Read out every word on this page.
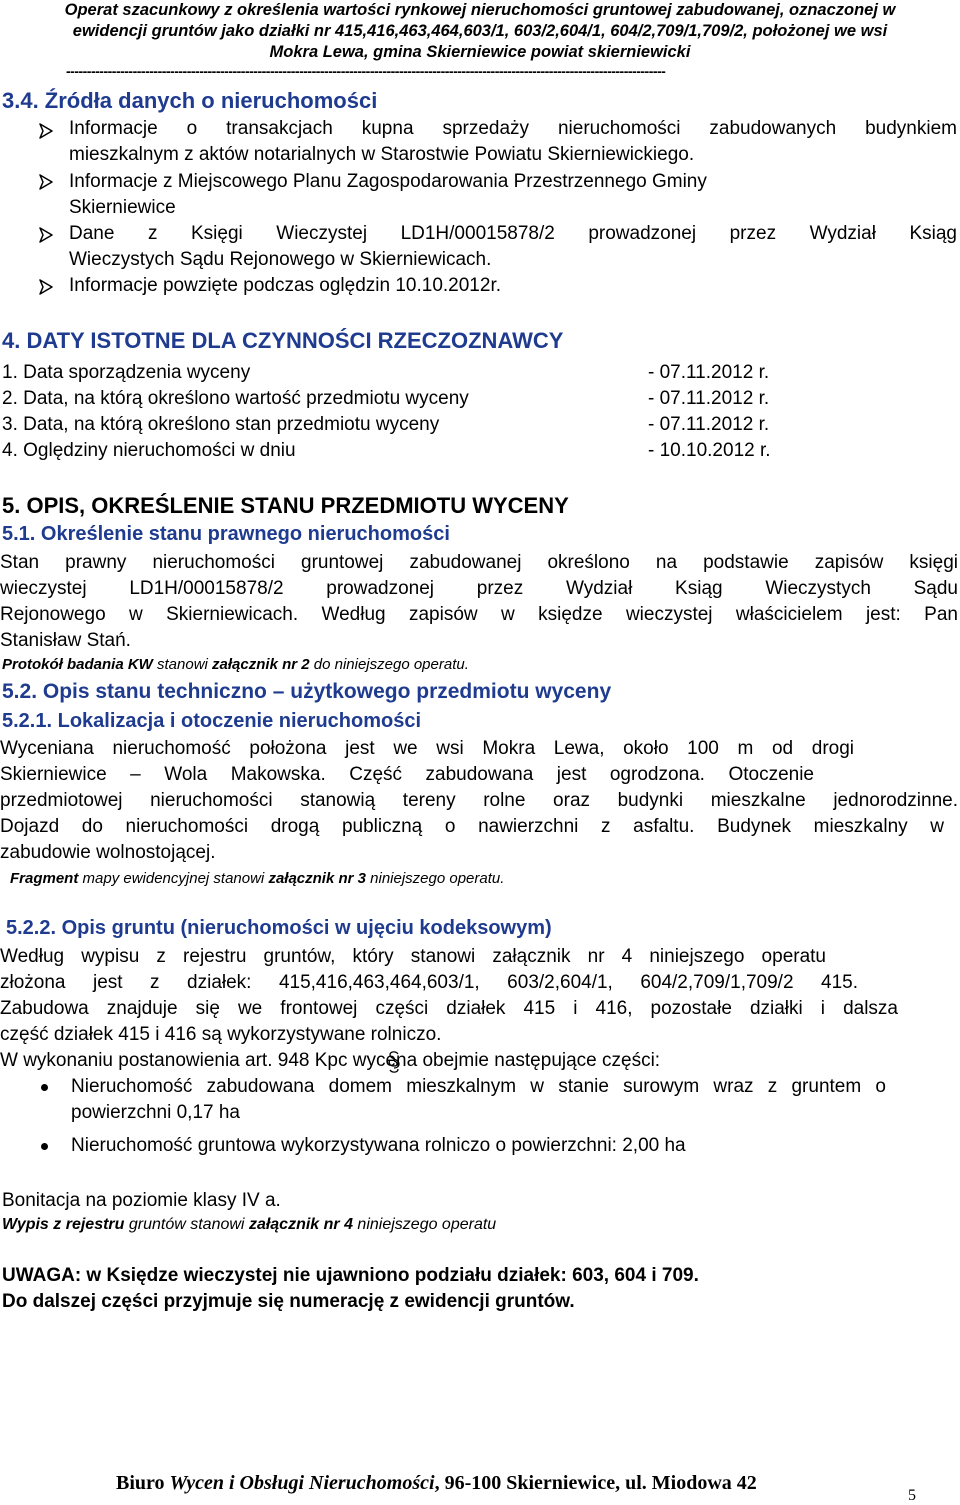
Operat szacunkowy z określenia wartości rynkowej nieruchomości gruntowej zabudowanej, oznaczonej w
ewidencji gruntów jako działki nr 415,416,463,464,603/1, 603/2,604/1, 604/2,709/1,709/2, położonej we wsi
Mokra Lewa, gmina Skierniewice powiat skierniewicki
------------------------------------------------------------------------------------------------------------------------------------------------
3.4. Źródła danych o nieruchomości
Informacje o transakcjach kupna sprzedaży nieruchomości zabudowanych budynkiem
mieszkalnym z aktów notarialnych w Starostwie Powiatu Skierniewickiego.
Informacje z Miejscowego Planu Zagospodarowania Przestrzennego Gminy
Skierniewice
Dane z Księgi Wieczystej LD1H/00015878/2 prowadzonej przez Wydział Ksiąg
Wieczystych Sądu Rejonowego w Skierniewicach.
Informacje powzięte podczas oględzin 10.10.2012r.
4. DATY ISTOTNE DLA CZYNNOŚCI RZECZOZNAWCY
1. Data sporządzenia wyceny	- 07.11.2012 r.
2. Data, na którą określono wartość przedmiotu wyceny	- 07.11.2012 r.
3. Data, na którą określono stan przedmiotu wyceny	- 07.11.2012 r.
4. Oględziny nieruchomości w dniu	- 10.10.2012 r.
5. OPIS, OKREŚLENIE STANU PRZEDMIOTU WYCENY
5.1. Określenie stanu prawnego nieruchomości
Stan prawny nieruchomości gruntowej zabudowanej określono na podstawie zapisów księgi
wieczystej LD1H/00015878/2 prowadzonej przez Wydział Ksiąg Wieczystych Sądu
Rejonowego w Skierniewicach. Według zapisów w księdze wieczystej właścicielem jest: Pan
Stanisław Stań.
Protokół badania KW stanowi załącznik nr 2 do niniejszego operatu.
5.2. Opis stanu techniczno – użytkowego przedmiotu wyceny
5.2.1. Lokalizacja i otoczenie nieruchomości
Wyceniana nieruchomość położona jest we wsi Mokra Lewa, około 100 m od drogi
Skierniewice – Wola Makowska. Część zabudowana jest ogrodzona. Otoczenie
przedmiotowej nieruchomości stanowią tereny rolne oraz budynki mieszkalne jednorodzinne.
Dojazd do nieruchomości drogą publiczną o nawierzchni z asfaltu. Budynek mieszkalny w
zabudowie wolnostojącej.
Fragment mapy ewidencyjnej stanowi załącznik nr 3 niniejszego operatu.
5.2.2. Opis gruntu (nieruchomości w ujęciu kodeksowym)
Według wypisu z rejestru gruntów, który stanowi załącznik nr 4 niniejszego operatu
złożona jest z działek: 415,416,463,464,603/1, 603/2,604/1, 604/2,709/1,709/2 415.
Zabudowa znajduje się we frontowej części działek 415 i 416, pozostałe działki i dalsza
część działek 415 i 416 są wykorzystywane rolniczo.
W wykonaniu postanowienia art. 948 Kpc wycena obejmie następujące części:
Nieruchomość zabudowana domem mieszkalnym w stanie surowym wraz z gruntem o
powierzchni 0,17 ha
Nieruchomość gruntowa wykorzystywana rolniczo o powierzchni: 2,00 ha
Bonitacja na poziomie klasy IV a.
Wypis z rejestru gruntów stanowi załącznik nr 4 niniejszego operatu
UWAGA: w Księdze wieczystej nie ujawniono podziału działek: 603, 604 i 709.
Do dalszej części przyjmuje się numerację z ewidencji gruntów.
Biuro Wycen i Obsługi Nieruchomości, 96-100 Skierniewice, ul. Miodowa 42
5
